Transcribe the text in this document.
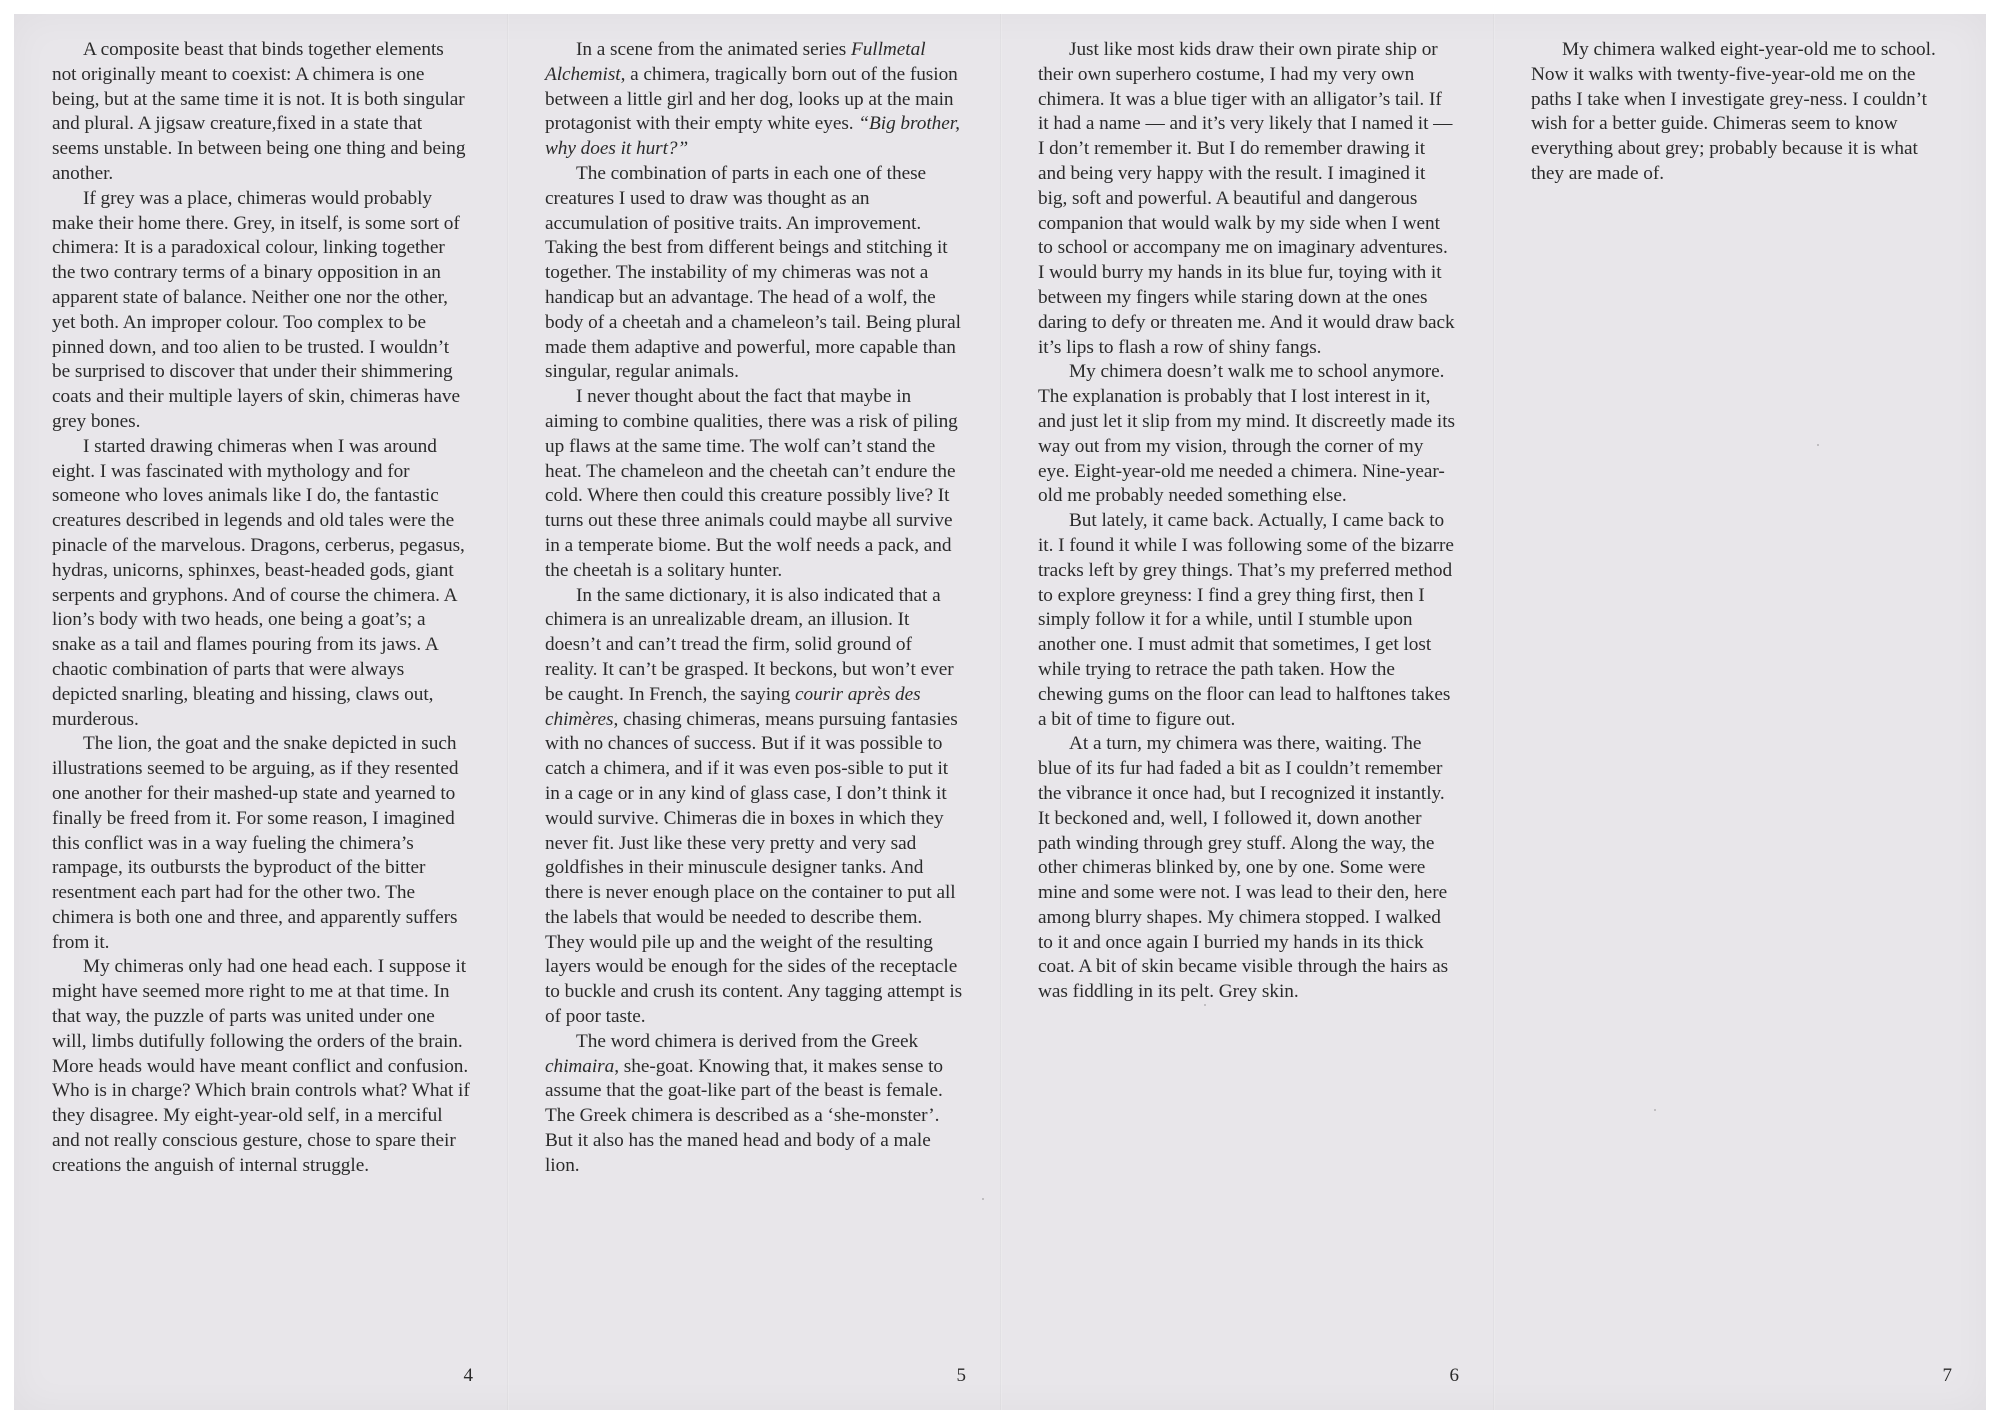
A composite beast that binds together elements not originally meant to coexist: A chimera is one being, but at the same time it is not. It is both singular and plural. A jigsaw creature,fixed in a state that seems unstable. In between being one thing and being another.

If grey was a place, chimeras would probably make their home there. Grey, in itself, is some sort of chimera: It is a paradoxical colour, linking together the two contrary terms of a binary opposition in an apparent state of balance. Neither one nor the other, yet both. An improper colour. Too complex to be pinned down, and too alien to be trusted. I wouldn’t be surprised to discover that under their shimmering coats and their multiple layers of skin, chimeras have grey bones.

I started drawing chimeras when I was around eight. I was fascinated with mythology and for someone who loves animals like I do, the fantastic creatures described in legends and old tales were the pinacle of the marvelous. Dragons, cerberus, pegasus, hydras, unicorns, sphinxes, beast-headed gods, giant serpents and gryphons. And of course the chimera. A lion’s body with two heads, one being a goat’s; a snake as a tail and flames pouring from its jaws. A chaotic combination of parts that were always depicted snarling, bleating and hissing, claws out, murderous.

The lion, the goat and the snake depicted in such illustrations seemed to be arguing, as if they resented one another for their mashed-up state and yearned to finally be freed from it. For some reason, I imagined this conflict was in a way fueling the chimera’s rampage, its outbursts the byproduct of the bitter resentment each part had for the other two. The chimera is both one and three, and apparently suffers from it.

My chimeras only had one head each. I suppose it might have seemed more right to me at that time. In that way, the puzzle of parts was united under one will, limbs dutifully following the orders of the brain. More heads would have meant conflict and confusion. Who is in charge? Which brain controls what? What if they disagree. My eight-year-old self, in a merciful and not really conscious gesture, chose to spare their creations the anguish of internal struggle.

4

In a scene from the animated series Fullmetal Alchemist, a chimera, tragically born out of the fusion between a little girl and her dog, looks up at the main protagonist with their empty white eyes. “Big brother, why does it hurt?”

The combination of parts in each one of these creatures I used to draw was thought as an accumulation of positive traits. An improvement. Taking the best from different beings and stitching it together. The instability of my chimeras was not a handicap but an advantage. The head of a wolf, the body of a cheetah and a chameleon’s tail. Being plural made them adaptive and powerful, more capable than singular, regular animals.

I never thought about the fact that maybe in aiming to combine qualities, there was a risk of piling up flaws at the same time. The wolf can’t stand the heat. The chameleon and the cheetah can’t endure the cold. Where then could this creature possibly live? It turns out these three animals could maybe all survive in a temperate biome. But the wolf needs a pack, and the cheetah is a solitary hunter.

In the same dictionary, it is also indicated that a chimera is an unrealizable dream, an illusion. It doesn’t and can’t tread the firm, solid ground of reality. It can’t be grasped. It beckons, but won’t ever be caught. In French, the saying courir après des chimères, chasing chimeras, means pursuing fantasies with no chances of success. But if it was possible to catch a chimera, and if it was even pos-sible to put it in a cage or in any kind of glass case, I don’t think it would survive. Chimeras die in boxes in which they never fit. Just like these very pretty and very sad goldfishes in their minuscule designer tanks. And there is never enough place on the container to put all the labels that would be needed to describe them. They would pile up and the weight of the resulting layers would be enough for the sides of the receptacle to buckle and crush its content. Any tagging attempt is of poor taste.

The word chimera is derived from the Greek chimaira, she-goat. Knowing that, it makes sense to assume that the goat-like part of the beast is female. The Greek chimera is described as a ‘she-monster’. But it also has the maned head and body of a male lion.

5

Just like most kids draw their own pirate ship or their own superhero costume, I had my very own chimera. It was a blue tiger with an alligator’s tail. If it had a name — and it’s very likely that I named it — I don’t remember it. But I do remember drawing it and being very happy with the result. I imagined it big, soft and powerful. A beautiful and dangerous companion that would walk by my side when I went to school or accompany me on imaginary adventures. I would burry my hands in its blue fur, toying with it between my fingers while staring down at the ones daring to defy or threaten me. And it would draw back it’s lips to flash a row of shiny fangs.

My chimera doesn’t walk me to school anymore. The explanation is probably that I lost interest in it, and just let it slip from my mind. It discreetly made its way out from my vision, through the corner of my eye. Eight-year-old me needed a chimera. Nine-year-old me probably needed something else.

But lately, it came back. Actually, I came back to it. I found it while I was following some of the bizarre tracks left by grey things. That’s my preferred method to explore greyness: I find a grey thing first, then I simply follow it for a while, until I stumble upon another one. I must admit that sometimes, I get lost while trying to retrace the path taken. How the chewing gums on the floor can lead to halftones takes a bit of time to figure out.

At a turn, my chimera was there, waiting. The blue of its fur had faded a bit as I couldn’t remember the vibrance it once had, but I recognized it instantly. It beckoned and, well, I followed it, down another path winding through grey stuff. Along the way, the other chimeras blinked by, one by one. Some were mine and some were not. I was lead to their den, here among blurry shapes. My chimera stopped. I walked to it and once again I burried my hands in its thick coat. A bit of skin became visible through the hairs as was fiddling in its pelt. Grey skin.

6

My chimera walked eight-year-old me to school. Now it walks with twenty-five-year-old me on the paths I take when I investigate grey-ness. I couldn’t wish for a better guide. Chimeras seem to know everything about grey; probably because it is what they are made of.

7
